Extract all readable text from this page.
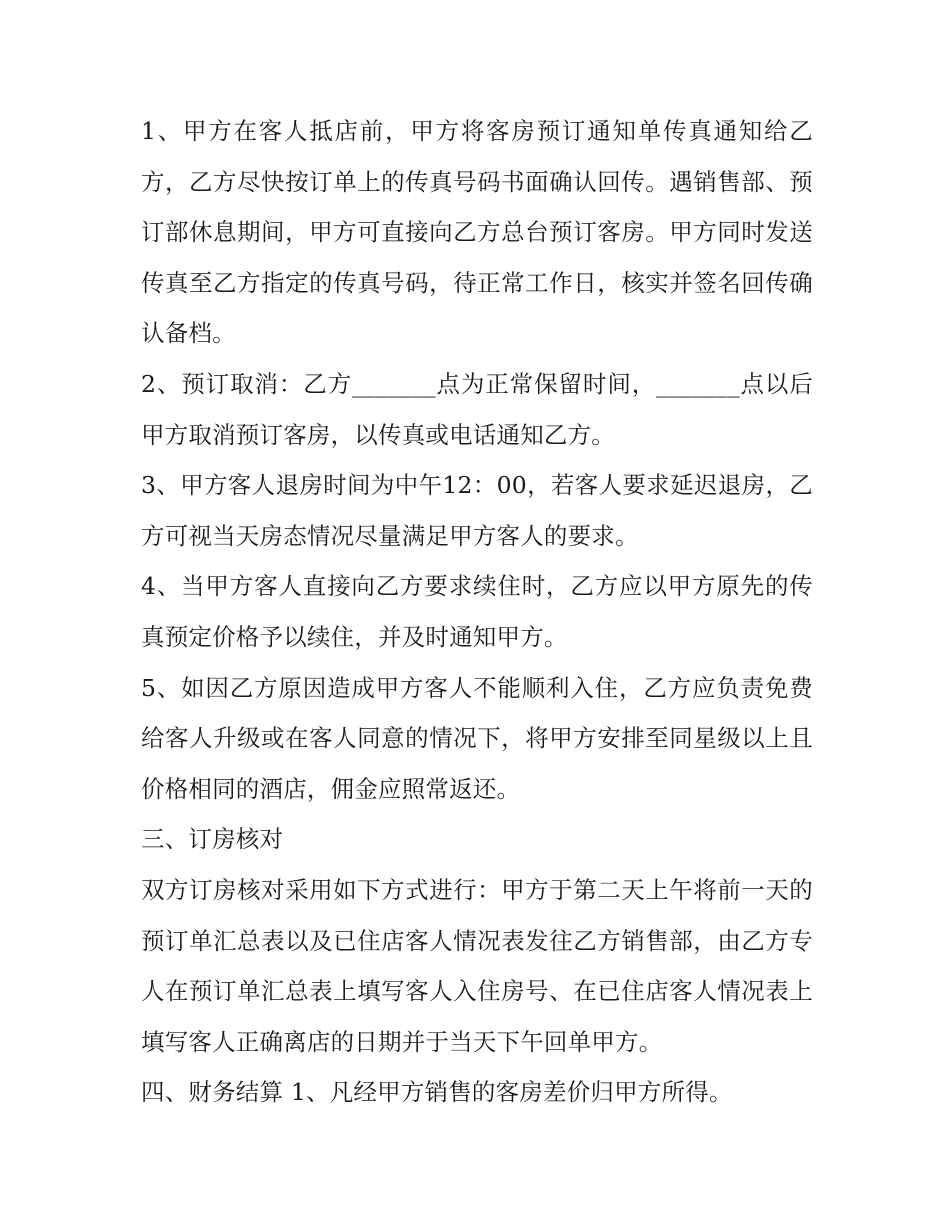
1、甲方在客人抵店前，甲方将客房预订通知单传真通知给乙方，乙方尽快按订单上的传真号码书面确认回传。遇销售部、预订部休息期间，甲方可直接向乙方总台预订客房。甲方同时发送传真至乙方指定的传真号码，待正常工作日，核实并签名回传确认备档。

2、预订取消：乙方_______点为正常保留时间，_______点以后甲方取消预订客房，以传真或电话通知乙方。

3、甲方客人退房时间为中午12：00，若客人要求延迟退房，乙方可视当天房态情况尽量满足甲方客人的要求。

4、当甲方客人直接向乙方要求续住时，乙方应以甲方原先的传真预定价格予以续住，并及时通知甲方。

5、如因乙方原因造成甲方客人不能顺利入住，乙方应负责免费给客人升级或在客人同意的情况下，将甲方安排至同星级以上且价格相同的酒店，佣金应照常返还。

三、订房核对

双方订房核对采用如下方式进行：甲方于第二天上午将前一天的预订单汇总表以及已住店客人情况表发往乙方销售部，由乙方专人在预订单汇总表上填写客人入住房号、在已住店客人情况表上填写客人正确离店的日期并于当天下午回单甲方。

四、财务结算 1、凡经甲方销售的客房差价归甲方所得。
